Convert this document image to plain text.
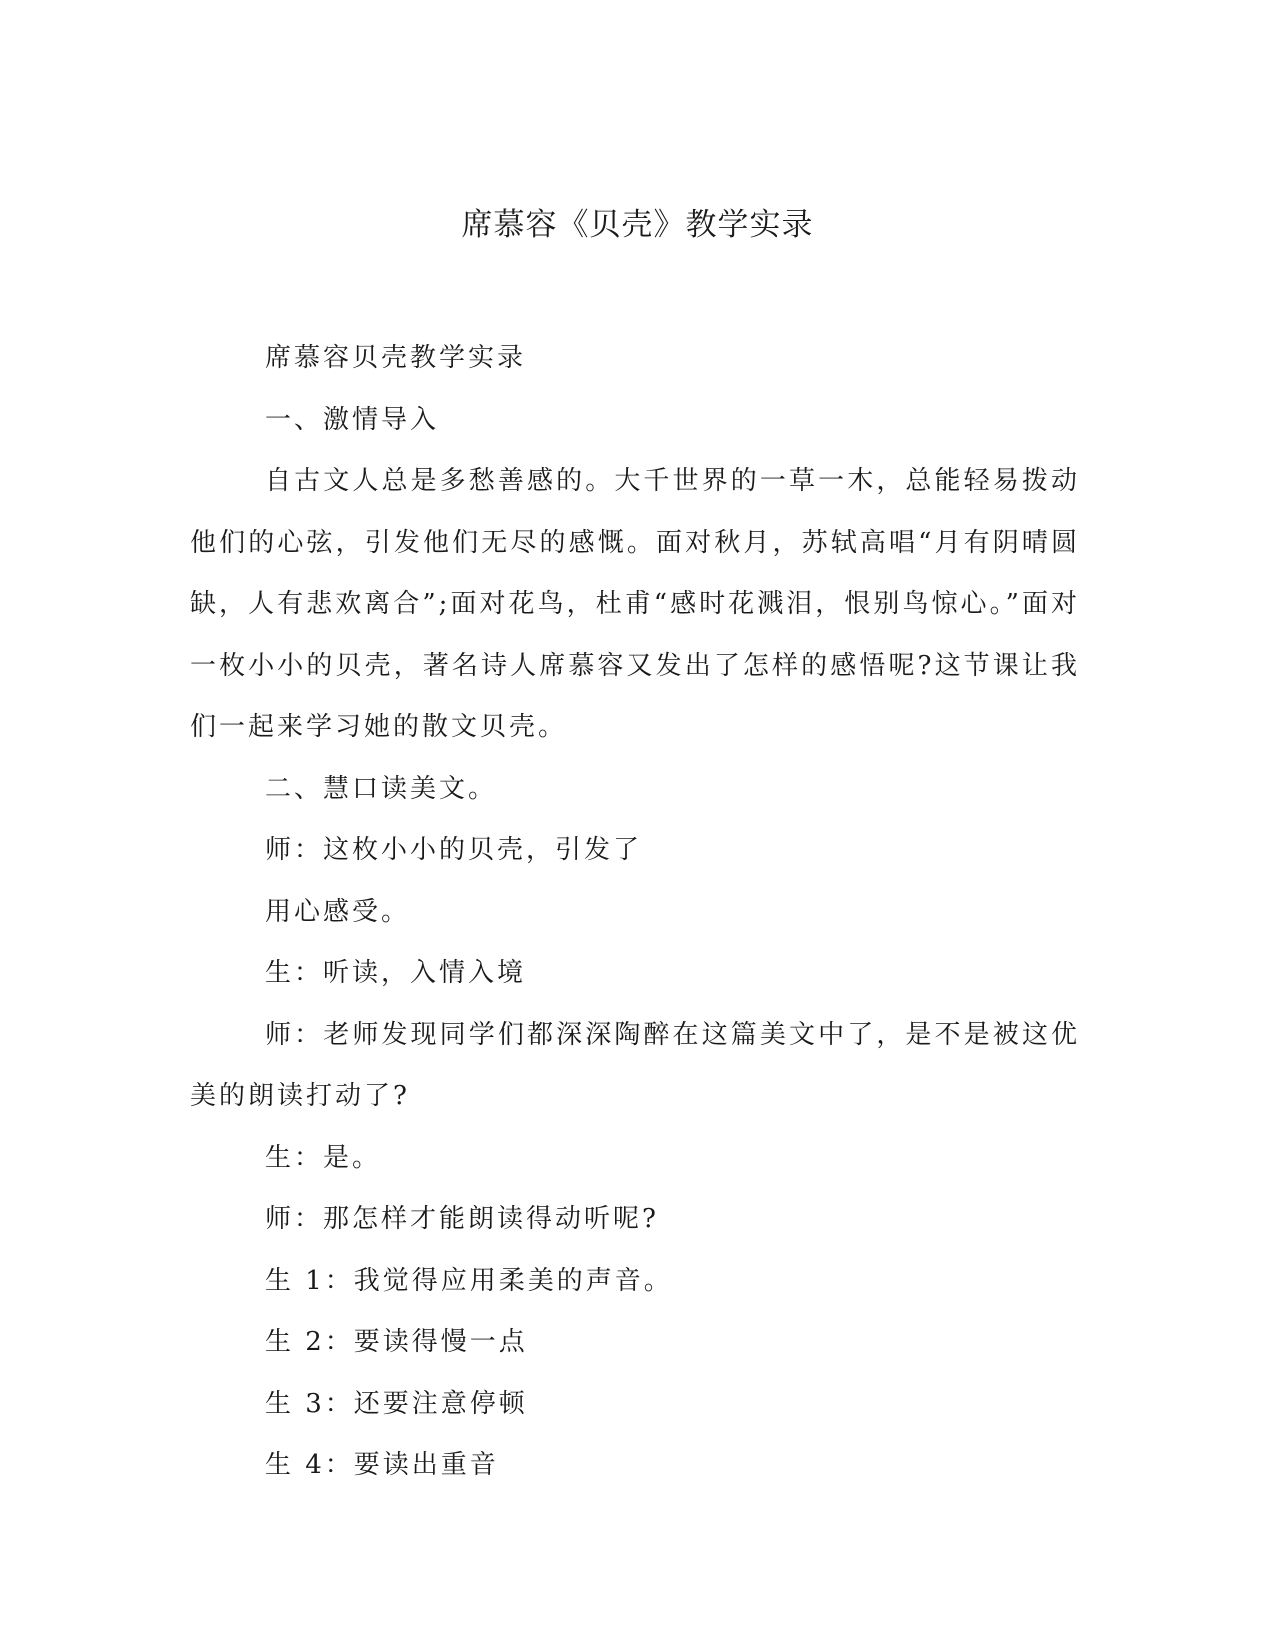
席慕容《贝壳》教学实录

席慕容贝壳教学实录

一、激情导入

自古文人总是多愁善感的。大千世界的一草一木，总能轻易拨动他们的心弦，引发他们无尽的感慨。面对秋月，苏轼高唱“月有阴晴圆缺，人有悲欢离合”;面对花鸟，杜甫“感时花溅泪，恨别鸟惊心。”面对一枚小小的贝壳，著名诗人席慕容又发出了怎样的感悟呢?这节课让我们一起来学习她的散文贝壳。

二、慧口读美文。

师：这枚小小的贝壳，引发了

用心感受。

生：听读，入情入境

师：老师发现同学们都深深陶醉在这篇美文中了，是不是被这优美的朗读打动了?

生：是。

师：那怎样才能朗读得动听呢?

生 1：我觉得应用柔美的声音。

生 2：要读得慢一点

生 3：还要注意停顿

生 4：要读出重音
